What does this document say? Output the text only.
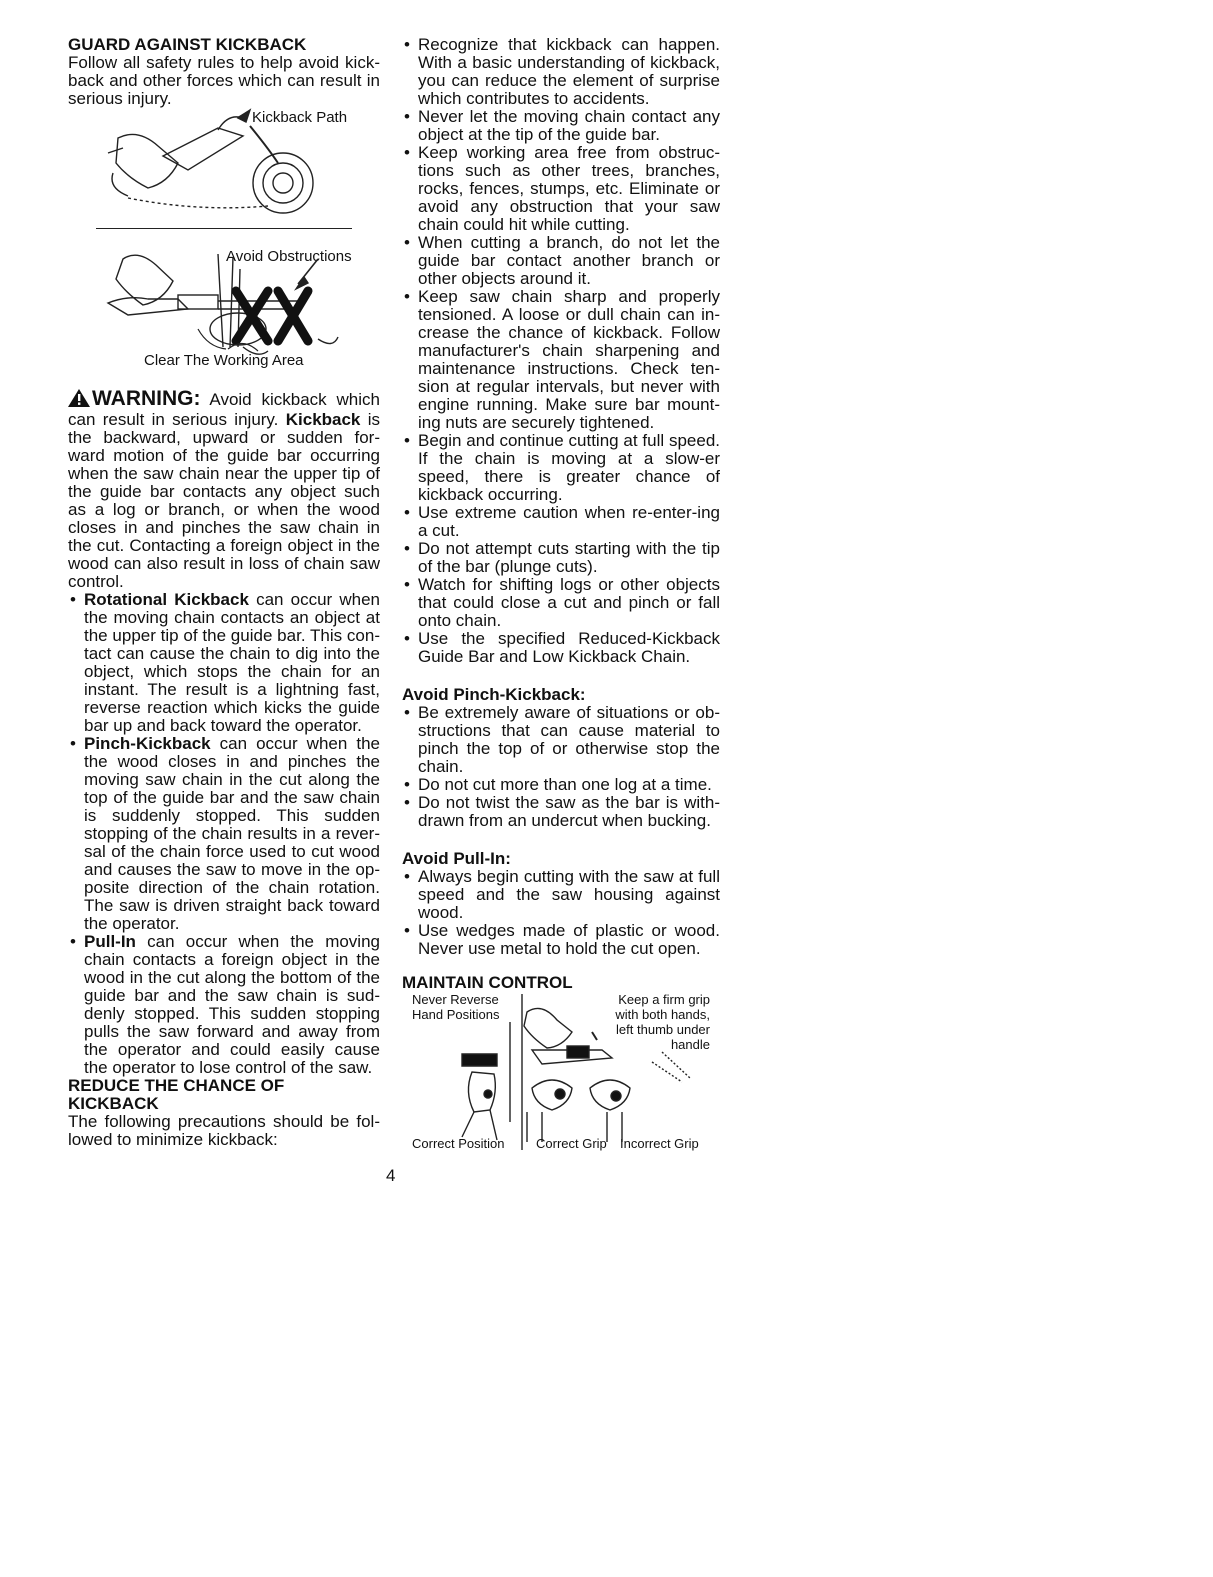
GUARD AGAINST KICKBACK

Follow all safety rules to help avoid kick-back and other forces which can result in serious injury.

Kickback Path
Avoid Obstructions
Clear The Working Area

WARNING: Avoid kickback which can result in serious injury. Kickback is the backward, upward or sudden for-ward motion of the guide bar occurring when the saw chain near the upper tip of the guide bar contacts any object such as a log or branch, or when the wood closes in and pinches the saw chain in the cut. Contacting a foreign object in the wood can also result in loss of chain saw control.

• Rotational Kickback can occur when the moving chain contacts an object at the upper tip of the guide bar. This con-tact can cause the chain to dig into the object, which stops the chain for an instant. The result is a lightning fast, reverse reaction which kicks the guide bar up and back toward the operator.
• Pinch-Kickback can occur when the the wood closes in and pinches the moving saw chain in the cut along the top of the guide bar and the saw chain is suddenly stopped. This sudden stopping of the chain results in a rever-sal of the chain force used to cut wood and causes the saw to move in the op-posite direction of the chain rotation. The saw is driven straight back toward the operator.
• Pull-In can occur when the moving chain contacts a foreign object in the wood in the cut along the bottom of the guide bar and the saw chain is sud-denly stopped. This sudden stopping pulls the saw forward and away from the operator and could easily cause the operator to lose control of the saw.

REDUCE THE CHANCE OF

KICKBACK

The following precautions should be fol-lowed to minimize kickback:

• Recognize that kickback can happen. With a basic understanding of kickback, you can reduce the element of surprise which contributes to accidents.
• Never let the moving chain contact any object at the tip of the guide bar.
• Keep working area free from obstruc-tions such as other trees, branches, rocks, fences, stumps, etc. Eliminate or avoid any obstruction that your saw chain could hit while cutting.
• When cutting a branch, do not let the guide bar contact another branch or other objects around it.
• Keep saw chain sharp and properly tensioned. A loose or dull chain can in-crease the chance of kickback. Follow manufacturer's chain sharpening and maintenance instructions. Check ten-sion at regular intervals, but never with engine running. Make sure bar mount-ing nuts are securely tightened.
• Begin and continue cutting at full speed. If the chain is moving at a slow-er speed, there is greater chance of kickback occurring.
• Use extreme caution when re-enter-ing a cut.
• Do not attempt cuts starting with the tip of the bar (plunge cuts).
• Watch for shifting logs or other objects that could close a cut and pinch or fall onto chain.
• Use the specified Reduced-Kickback Guide Bar and Low Kickback Chain.

Avoid Pinch-Kickback:

• Be extremely aware of situations or ob-structions that can cause material to pinch the top of or otherwise stop the chain.
• Do not cut more than one log at a time.
• Do not twist the saw as the bar is with-drawn from an undercut when bucking.

Avoid Pull-In:

• Always begin cutting with the saw at full speed and the saw housing against wood.
• Use wedges made of plastic or wood. Never use metal to hold the cut open.

MAINTAIN CONTROL

Never Reverse Hand Positions
Keep a firm grip with both hands, left thumb under handle
Correct Position Correct Grip Incorrect Grip
4
